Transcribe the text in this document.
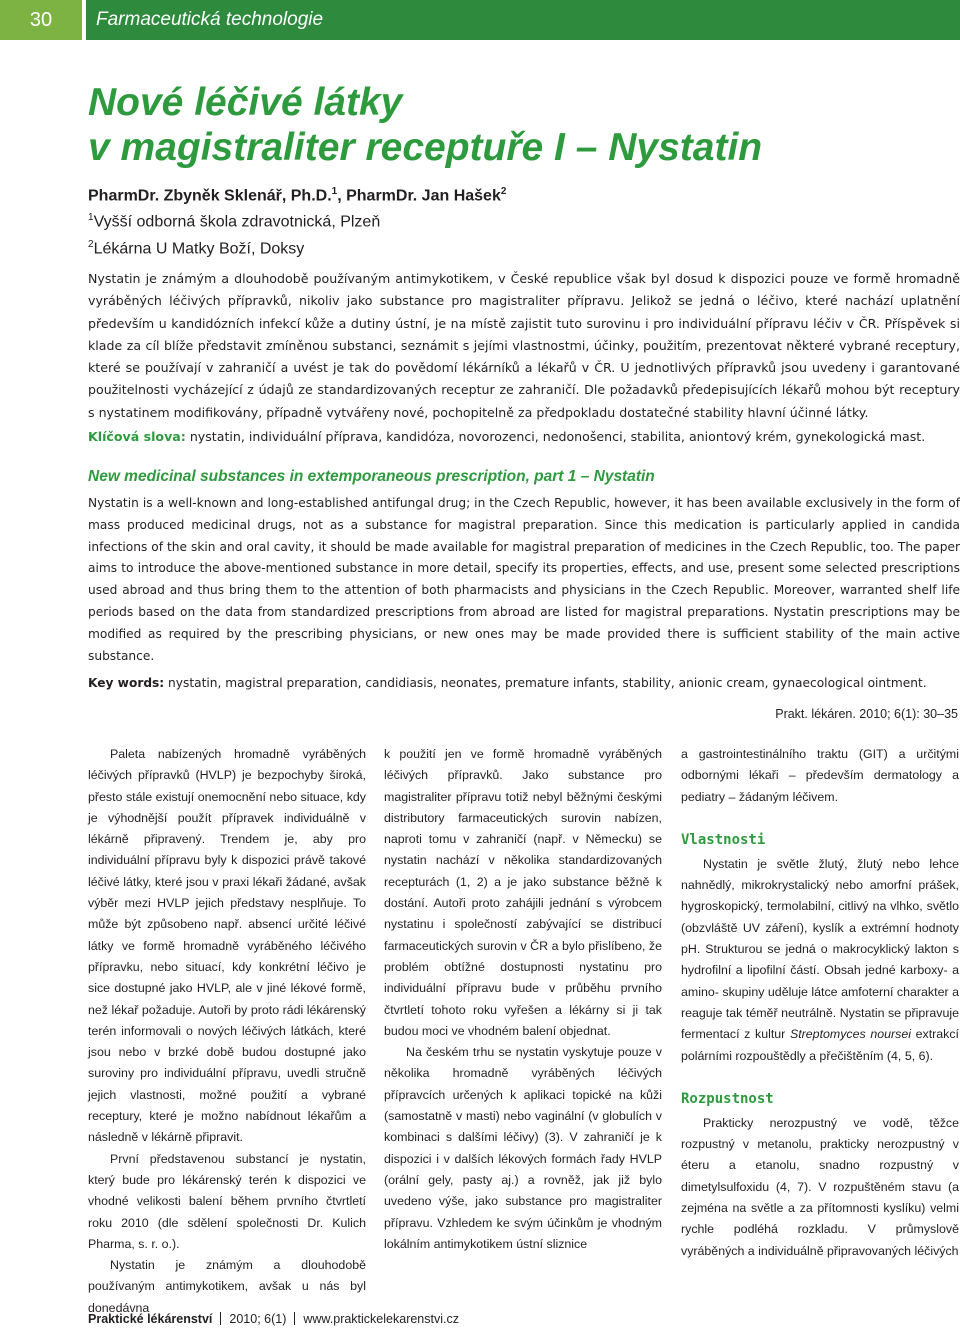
30	Farmaceutická technologie
Nové léčivé látky
v magistraliter receptuře I – Nystatin
PharmDr. Zbyněk Sklenář, Ph.D.$^1$, PharmDr. Jan Hašek$^2$
$^1$Vyšší odborná škola zdravotnická, Plzeň
$^2$Lékárna U Matky Boží, Doksy

Nystatin je známým a dlouhodobě používaným antimykotikem, v České republice však byl dosud k dispozici pouze ve formě hromadně vyráběných léčivých přípravků, nikoliv jako substance pro magistraliter přípravu. Jelikož se jedná o léčivo, které nachází uplatnění především u kandidózních infekcí kůže a dutiny ústní, je na místě zajistit tuto surovinu i pro individuální přípravu léčiv v ČR. Příspěvek si klade za cíl blíže představit zmíněnou substanci, seznámit s jejími vlastnostmi, účinky, použitím, prezentovat některé vybrané receptury, které se používají v zahraničí a uvést je tak do povědomí lékárníků a lékařů v ČR. U jednotlivých přípravků jsou uvedeny i garantované použitelnosti vycházející z údajů ze standardizovaných receptur ze zahraničí. Dle požadavků předepisujících lékařů mohou být receptury s nystatinem modifikovány, případně vytvářeny nové, pochopitelně za předpokladu dostatečné stability hlavní účinné látky.

Klíčová slova: nystatin, individuální příprava, kandidóza, novorozenci, nedonošenci, stabilita, aniontový krém, gynekologická mast.

New medicinal substances in extemporaneous prescription, part 1 – Nystatin

Nystatin is a well-known and long-established antifungal drug; in the Czech Republic, however, it has been available exclusively in the form of mass produced medicinal drugs, not as a substance for magistral preparation. Since this medication is particularly applied in candida infections of the skin and oral cavity, it should be made available for magistral preparation of medicines in the Czech Republic, too. The paper aims to introduce the above-mentioned substance in more detail, specify its properties, effects, and use, present some selected prescriptions used abroad and thus bring them to the attention of both pharmacists and physicians in the Czech Republic. Moreover, warranted shelf life periods based on the data from standardized prescriptions from abroad are listed for magistral preparations. Nystatin prescriptions may be modified as required by the prescribing physicians, or new ones may be made provided there is sufficient stability of the main active substance.

Key words: nystatin, magistral preparation, candidiasis, neonates, premature infants, stability, anionic cream, gynaecological ointment.

Prakt. lékáren. 2010; 6(1): 30–35

Paleta nabízených hromadně vyráběných léčivých přípravků (HVLP) je bezpochyby široká, přesto stále existují onemocnění nebo situace, kdy je výhodnější použít přípravek individuálně v lékárně připravený. Trendem je, aby pro individuální přípravu byly k dispozici právě takové léčivé látky, které jsou v praxi lékaři žádané, avšak výběr mezi HVLP jejich představy nesplňuje. To může být způsobeno např. absencí určité léčivé látky ve formě hromadně vyráběného léčivého přípravku, nebo situací, kdy konkrétní léčivo je sice dostupné jako HVLP, ale v jiné lékové formě, než lékař požaduje. Autoři by proto rádi lékárenský terén informovali o nových léčivých látkách, které jsou nebo v brzké době budou dostupné jako suroviny pro individuální přípravu, uvedli stručně jejich vlastnosti, možné použití a vybrané receptury, které je možno nabídnout lékařům a následně v lékárně připravit.

První představenou substancí je nystatin, který bude pro lékárenský terén k dispozici ve vhodné velikosti balení během prvního čtvrtletí roku 2010 (dle sdělení společnosti Dr. Kulich Pharma, s. r. o.).

Nystatin je známým a dlouhodobě používaným antimykotikem, avšak u nás byl donedávna

k použití jen ve formě hromadně vyráběných léčivých přípravků. Jako substance pro magistraliter přípravu totiž nebyl běžnými českými distributory farmaceutických surovin nabízen, naproti tomu v zahraničí (např. v Německu) se nystatin nachází v několika standardizovaných recepturách (1, 2) a je jako substance běžně k dostání. Autoři proto zahájili jednání s výrobcem nystatinu i společností zabývající se distribucí farmaceutických surovin v ČR a bylo přislíbeno, že problém obtížné dostupnosti nystatinu pro individuální přípravu bude v průběhu prvního čtvrtletí tohoto roku vyřešen a lékárny si ji tak budou moci ve vhodném balení objednat.

Na českém trhu se nystatin vyskytuje pouze v několika hromadně vyráběných léčivých přípravcích určených k aplikaci topické na kůži (samostatně v masti) nebo vaginální (v globulích v kombinaci s dalšími léčivy) (3). V zahraničí je k dispozici i v dalších lékových formách řady HVLP (orální gely, pasty aj.) a rovněž, jak již bylo uvedeno výše, jako substance pro magistraliter přípravu. Vzhledem ke svým účinkům je vhodným lokálním antimykotikem ústní sliznice

a gastrointestinálního traktu (GIT) a určitými odbornými lékaři – především dermatology a pediatry – žádaným léčivem.

Vlastnosti

Nystatin je světle žlutý, žlutý nebo lehce nahnědlý, mikrokrystalický nebo amorfní prášek, hygroskopický, termolabilní, citlivý na vlhko, světlo (obzvláště UV záření), kyslík a extrémní hodnoty pH. Strukturou se jedná o makrocyklický lakton s hydrofilní a lipofilní částí. Obsah jedné karboxy- a amino- skupiny uděluje látce amfoterní charakter a reaguje tak téměř neutrálně. Nystatin se připravuje fermentací z kultur Streptomyces noursei extrakcí polárními rozpouštědly a přečištěním (4, 5, 6).

Rozpustnost

Prakticky nerozpustný ve vodě, těžce rozpustný v metanolu, prakticky nerozpustný v éteru a etanolu, snadno rozpustný v dimetylsulfoxidu (4, 7). V rozpuštěném stavu (a zejména na světle a za přítomnosti kyslíku) velmi rychle podléhá rozkladu. V průmyslově vyráběných a individuálně připravovaných léčivých

Praktické lékárenství 2010; 6(1) www.praktickelekarenstvi.cz
